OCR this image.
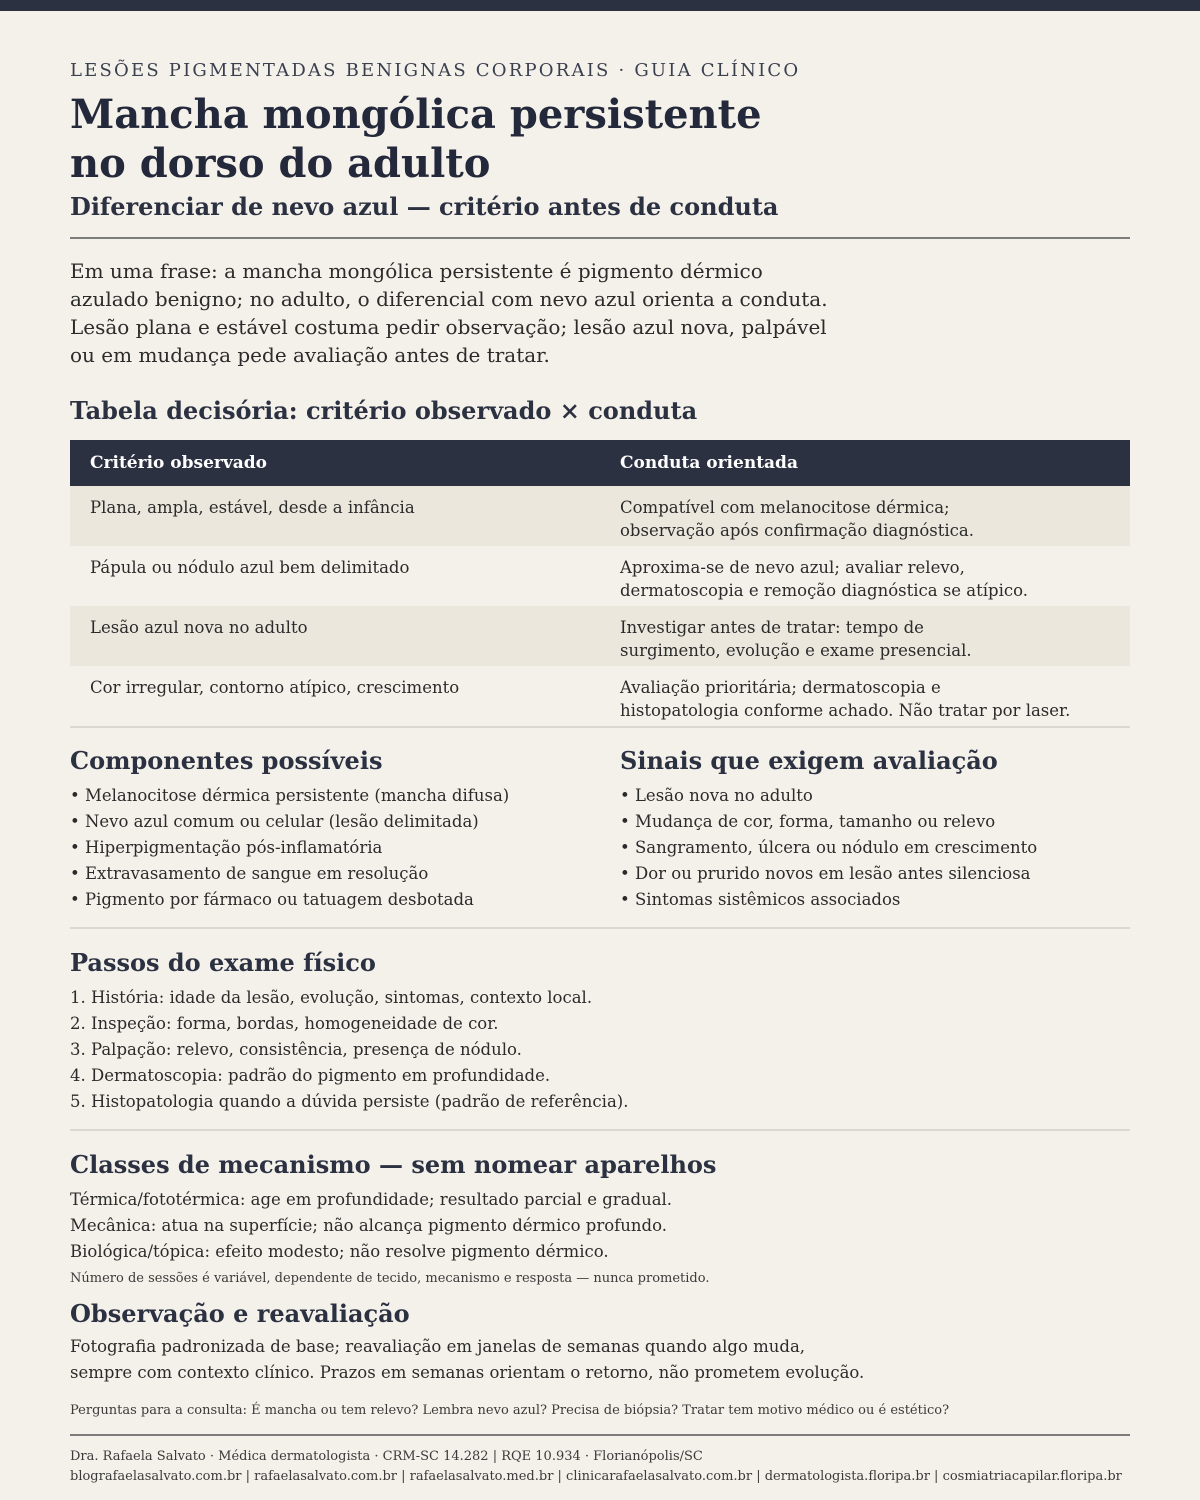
LESÕES PIGMENTADAS BENIGNAS CORPORAIS · GUIA CLÍNICO
Mancha mongólica persistente
no dorso do adulto
Diferenciar de nevo azul — critério antes de conduta

Em uma frase: a mancha mongólica persistente é pigmento dérmico azulado benigno; no adulto, o diferencial com nevo azul orienta a conduta. Lesão plana e estável costuma pedir observação; lesão azul nova, palpável ou em mudança pede avaliação antes de tratar.

Tabela decisória: critério observado × conduta
Critério observado	Conduta orientada
Plana, ampla, estável, desde a infância	Compatível com melanocitose dérmica;
observação após confirmação diagnóstica.
Pápula ou nódulo azul bem delimitado	Aproxima-se de nevo azul; avaliar relevo,
dermatoscopia e remoção diagnóstica se atípico.
Lesão azul nova no adulto	Investigar antes de tratar: tempo de
surgimento, evolução e exame presencial.
Cor irregular, contorno atípico, crescimento	Avaliação prioritária; dermatoscopia e
histopatologia conforme achado. Não tratar por laser.
Componentes possíveis
• Melanocitose dérmica persistente (mancha difusa)
• Nevo azul comum ou celular (lesão delimitada)
• Hiperpigmentação pós-inflamatória
• Extravasamento de sangue em resolução
• Pigmento por fármaco ou tatuagem desbotada
Sinais que exigem avaliação
• Lesão nova no adulto
• Mudança de cor, forma, tamanho ou relevo
• Sangramento, úlcera ou nódulo em crescimento
• Dor ou prurido novos em lesão antes silenciosa
• Sintomas sistêmicos associados
Passos do exame físico
1. História: idade da lesão, evolução, sintomas, contexto local.
2. Inspeção: forma, bordas, homogeneidade de cor.
3. Palpação: relevo, consistência, presença de nódulo.
4. Dermatoscopia: padrão do pigmento em profundidade.
5. Histopatologia quando a dúvida persiste (padrão de referência).
Classes de mecanismo — sem nomear aparelhos
Térmica/fototérmica: age em profundidade; resultado parcial e gradual.
Mecânica: atua na superfície; não alcança pigmento dérmico profundo.
Biológica/tópica: efeito modesto; não resolve pigmento dérmico.
Número de sessões é variável, dependente de tecido, mecanismo e resposta — nunca prometido.
Observação e reavaliação

Fotografia padronizada de base; reavaliação em janelas de semanas quando algo muda,
sempre com contexto clínico. Prazos em semanas orientam o retorno, não prometem evolução.

Perguntas para a consulta: É mancha ou tem relevo? Lembra nevo azul? Precisa de biópsia? Tratar tem motivo médico ou é estético?
Dra. Rafaela Salvato · Médica dermatologista · CRM-SC 14.282 | RQE 10.934 · Florianópolis/SC
blografaelasalvato.com.br | rafaelasalvato.com.br | rafaelasalvato.med.br | clinicarafaelasalvato.com.br | dermatologista.floripa.br | cosmiatriacapilar.floripa.br
